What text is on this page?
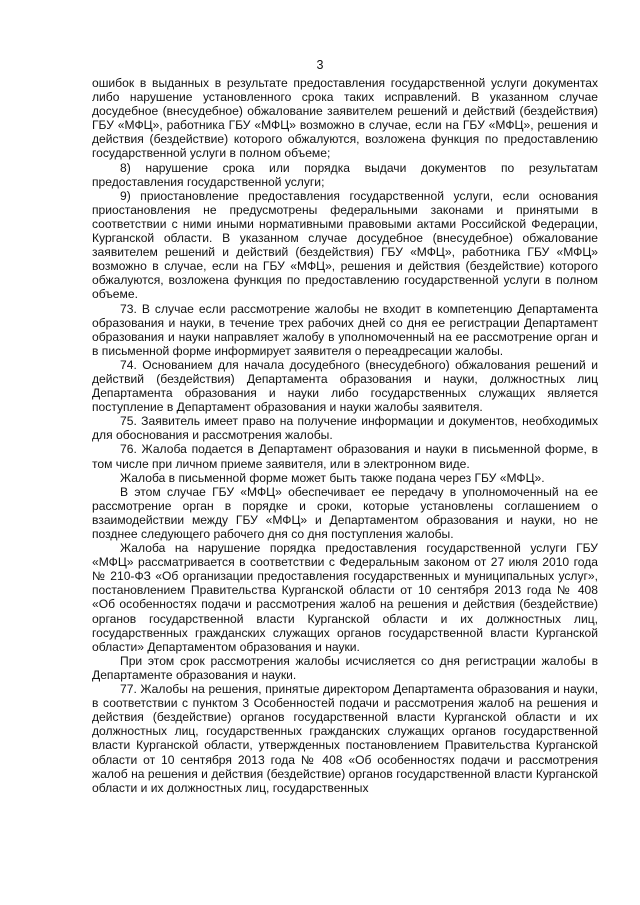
3

ошибок в выданных в результате предоставления государственной услуги документах либо нарушение установленного срока таких исправлений. В указанном случае досудебное (внесудебное) обжалование заявителем решений и действий (бездействия) ГБУ «МФЦ», работника ГБУ «МФЦ» возможно в случае, если на ГБУ «МФЦ», решения и действия (бездействие) которого обжалуются, возложена функция по предоставлению государственной услуги в полном объеме;

8) нарушение срока или порядка выдачи документов по результатам предоставления государственной услуги;

9) приостановление предоставления государственной услуги, если основания приостановления не предусмотрены федеральными законами и принятыми в соответствии с ними иными нормативными правовыми актами Российской Федерации, Курганской области. В указанном случае досудебное (внесудебное) обжалование заявителем решений и действий (бездействия) ГБУ «МФЦ», работника ГБУ «МФЦ» возможно в случае, если на ГБУ «МФЦ», решения и действия (бездействие) которого обжалуются, возложена функция по предоставлению государственной услуги в полном объеме.

73. В случае если рассмотрение жалобы не входит в компетенцию Департамента образования и науки, в течение трех рабочих дней со дня ее регистрации Департамент образования и науки направляет жалобу в уполномоченный на ее рассмотрение орган и в письменной форме информирует заявителя о переадресации жалобы.

74. Основанием для начала досудебного (внесудебного) обжалования решений и действий (бездействия) Департамента образования и науки, должностных лиц Департамента образования и науки либо государственных служащих является поступление в Департамент образования и науки жалобы заявителя.

75. Заявитель имеет право на получение информации и документов, необходимых для обоснования и рассмотрения жалобы.

76. Жалоба подается в Департамент образования и науки в письменной форме, в том числе при личном приеме заявителя, или в электронном виде.

Жалоба в письменной форме может быть также подана через ГБУ «МФЦ».

В этом случае ГБУ «МФЦ» обеспечивает ее передачу в уполномоченный на ее рассмотрение орган в порядке и сроки, которые установлены соглашением о взаимодействии между ГБУ «МФЦ» и Департаментом образования и науки, но не позднее следующего рабочего дня со дня поступления жалобы.

Жалоба на нарушение порядка предоставления государственной услуги ГБУ «МФЦ» рассматривается в соответствии с Федеральным законом от 27 июля 2010 года № 210-ФЗ «Об организации предоставления государственных и муниципальных услуг», постановлением Правительства Курганской области от 10 сентября 2013 года № 408 «Об особенностях подачи и рассмотрения жалоб на решения и действия (бездействие) органов государственной власти Курганской области и их должностных лиц, государственных гражданских служащих органов государственной власти Курганской области» Департаментом образования и науки.

При этом срок рассмотрения жалобы исчисляется со дня регистрации жалобы в Департаменте образования и науки.

77. Жалобы на решения, принятые директором Департамента образования и науки, в соответствии с пунктом 3 Особенностей подачи и рассмотрения жалоб на решения и действия (бездействие) органов государственной власти Курганской области и их должностных лиц, государственных гражданских служащих органов государственной власти Курганской области, утвержденных постановлением Правительства Курганской области от 10 сентября 2013 года № 408 «Об особенностях подачи и рассмотрения жалоб на решения и действия (бездействие) органов государственной власти Курганской области и их должностных лиц, государственных
